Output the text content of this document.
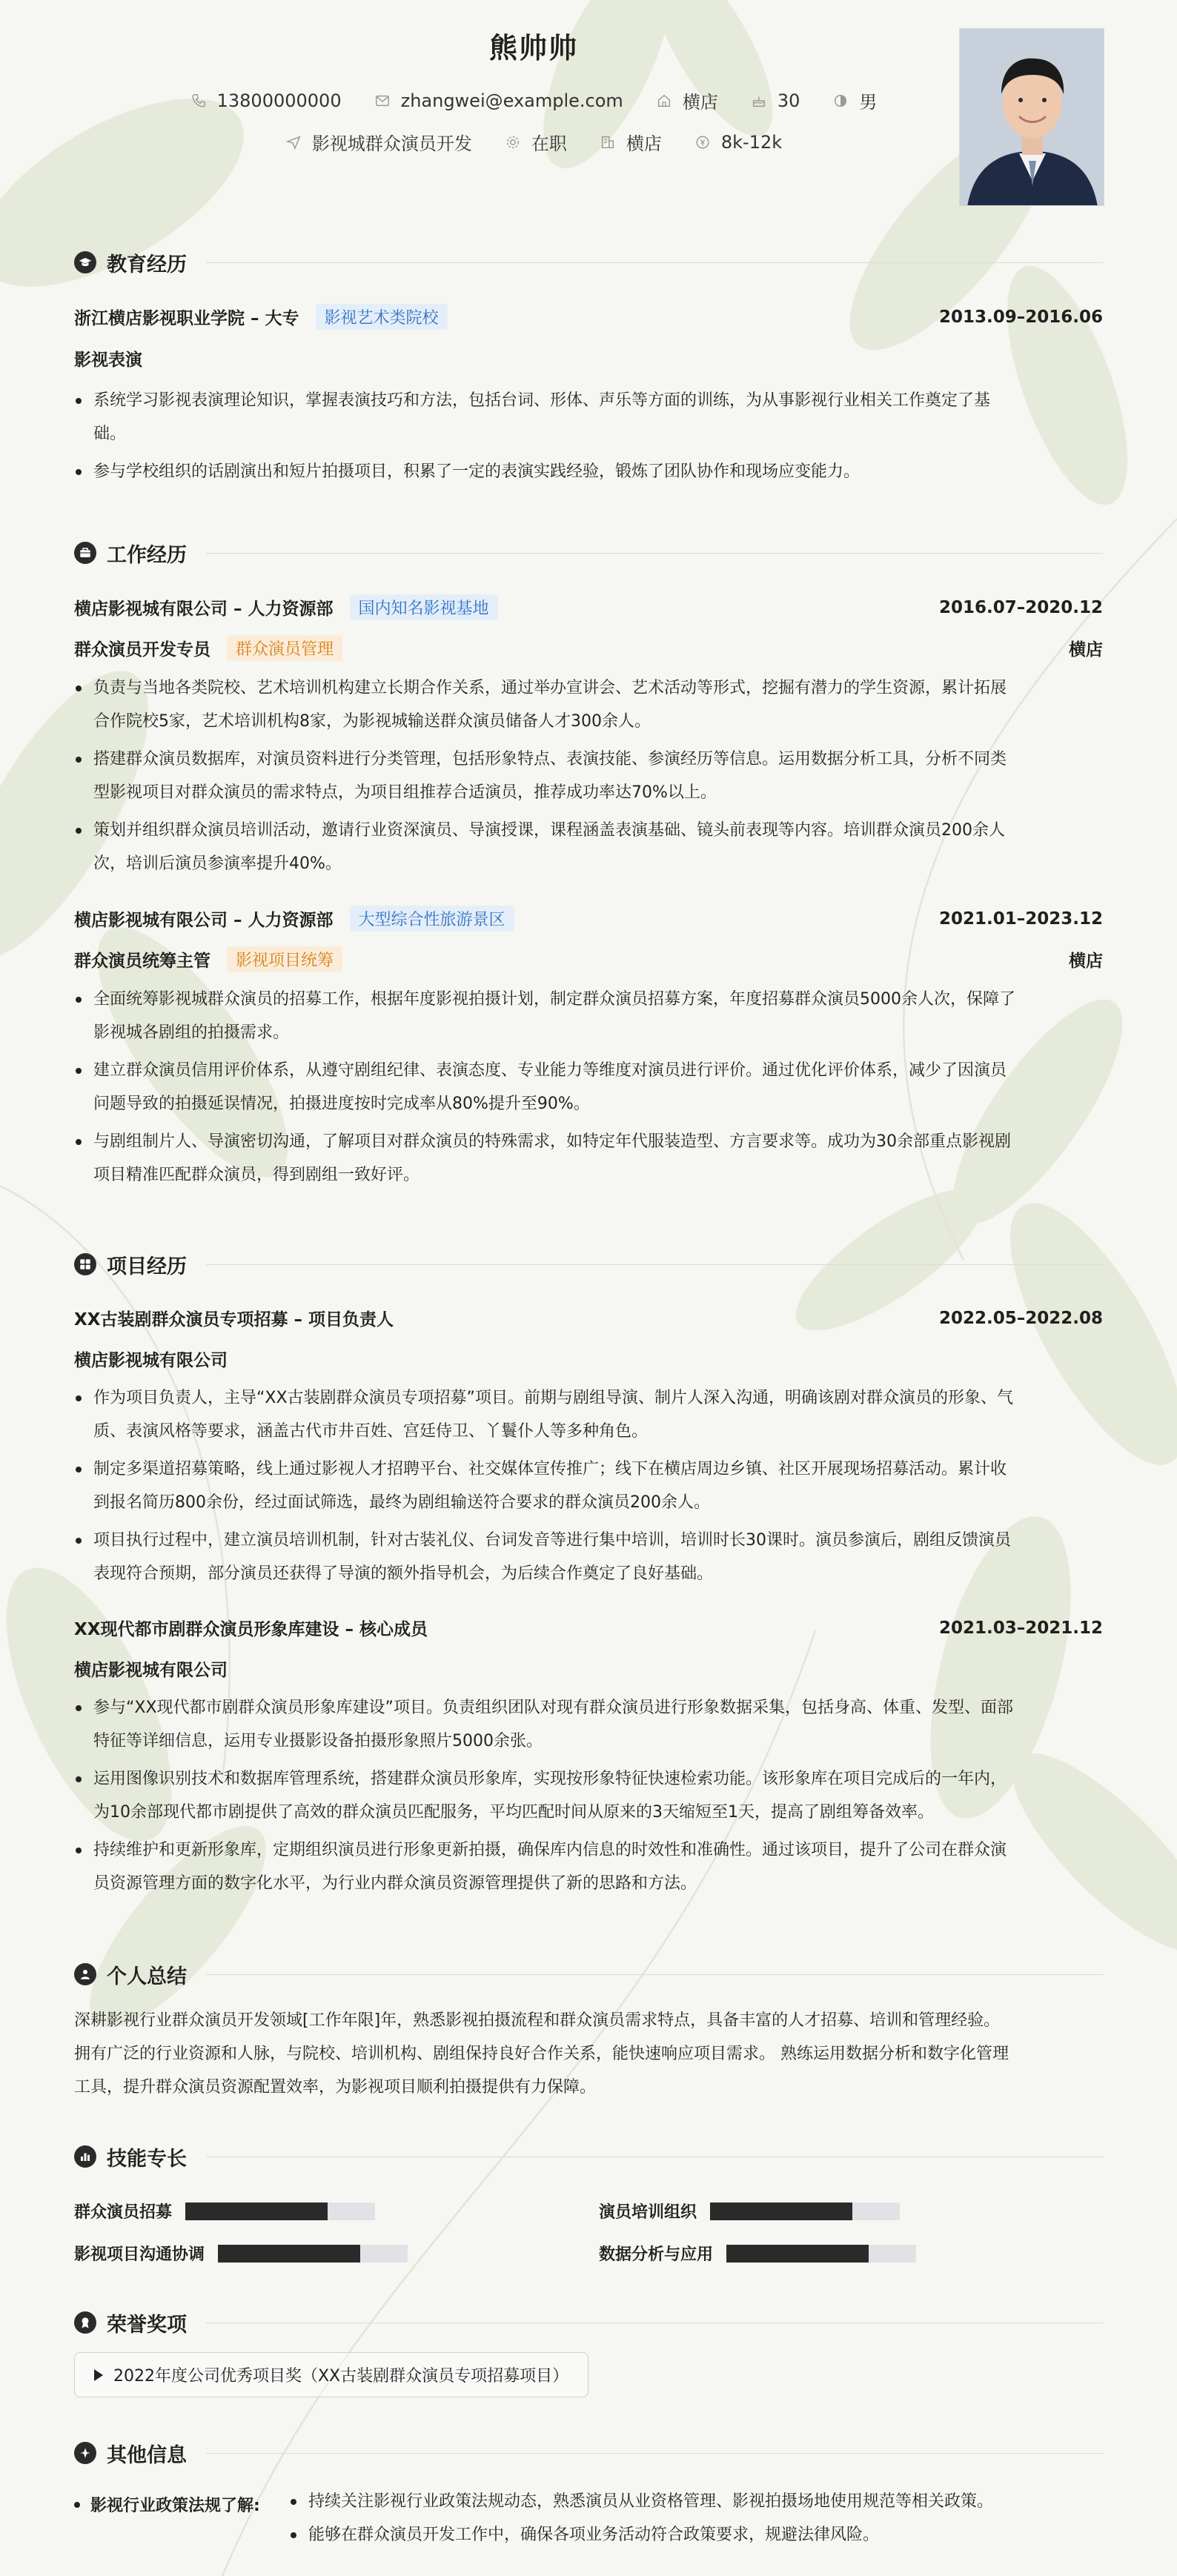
熊帅帅
13800000000	zhangwei@example.com	横店	30	男
影视城群众演员开发	在职	横店	8k-12k
教育经历
浙江横店影视职业学院 – 大专	影视艺术类院校	2013.09–2016.06
影视表演
系统学习影视表演理论知识，掌握表演技巧和方法，包括台词、形体、声乐等方面的训练，为从事影视行业相关工作奠定了基
础。
参与学校组织的话剧演出和短片拍摄项目，积累了一定的表演实践经验，锻炼了团队协作和现场应变能力。
工作经历
横店影视城有限公司 – 人力资源部	国内知名影视基地	2016.07–2020.12
群众演员开发专员	群众演员管理	横店
负责与当地各类院校、艺术培训机构建立长期合作关系，通过举办宣讲会、艺术活动等形式，挖掘有潜力的学生资源，累计拓展
合作院校5家，艺术培训机构8家，为影视城输送群众演员储备人才300余人。
搭建群众演员数据库，对演员资料进行分类管理，包括形象特点、表演技能、参演经历等信息。运用数据分析工具，分析不同类
型影视项目对群众演员的需求特点，为项目组推荐合适演员，推荐成功率达70%以上。
策划并组织群众演员培训活动，邀请行业资深演员、导演授课，课程涵盖表演基础、镜头前表现等内容。培训群众演员200余人
次，培训后演员参演率提升40%。
横店影视城有限公司 – 人力资源部	大型综合性旅游景区	2021.01–2023.12
群众演员统筹主管	影视项目统筹	横店
全面统筹影视城群众演员的招募工作，根据年度影视拍摄计划，制定群众演员招募方案，年度招募群众演员5000余人次，保障了
影视城各剧组的拍摄需求。
建立群众演员信用评价体系，从遵守剧组纪律、表演态度、专业能力等维度对演员进行评价。通过优化评价体系，减少了因演员
问题导致的拍摄延误情况，拍摄进度按时完成率从80%提升至90%。
与剧组制片人、导演密切沟通，了解项目对群众演员的特殊需求，如特定年代服装造型、方言要求等。成功为30余部重点影视剧
项目精准匹配群众演员，得到剧组一致好评。
项目经历
XX古装剧群众演员专项招募 – 项目负责人	2022.05–2022.08
横店影视城有限公司
作为项目负责人，主导“XX古装剧群众演员专项招募”项目。前期与剧组导演、制片人深入沟通，明确该剧对群众演员的形象、气
质、表演风格等要求，涵盖古代市井百姓、宫廷侍卫、丫鬟仆人等多种角色。
制定多渠道招募策略，线上通过影视人才招聘平台、社交媒体宣传推广；线下在横店周边乡镇、社区开展现场招募活动。累计收
到报名简历800余份，经过面试筛选，最终为剧组输送符合要求的群众演员200余人。
项目执行过程中，建立演员培训机制，针对古装礼仪、台词发音等进行集中培训，培训时长30课时。演员参演后，剧组反馈演员
表现符合预期，部分演员还获得了导演的额外指导机会，为后续合作奠定了良好基础。
XX现代都市剧群众演员形象库建设 – 核心成员	2021.03–2021.12
横店影视城有限公司
参与“XX现代都市剧群众演员形象库建设”项目。负责组织团队对现有群众演员进行形象数据采集，包括身高、体重、发型、面部
特征等详细信息，运用专业摄影设备拍摄形象照片5000余张。
运用图像识别技术和数据库管理系统，搭建群众演员形象库，实现按形象特征快速检索功能。该形象库在项目完成后的一年内，
为10余部现代都市剧提供了高效的群众演员匹配服务，平均匹配时间从原来的3天缩短至1天，提高了剧组筹备效率。
持续维护和更新形象库，定期组织演员进行形象更新拍摄，确保库内信息的时效性和准确性。通过该项目，提升了公司在群众演
员资源管理方面的数字化水平，为行业内群众演员资源管理提供了新的思路和方法。
个人总结
深耕影视行业群众演员开发领域[工作年限]年，熟悉影视拍摄流程和群众演员需求特点，具备丰富的人才招募、培训和管理经验。
拥有广泛的行业资源和人脉，与院校、培训机构、剧组保持良好合作关系，能快速响应项目需求。 熟练运用数据分析和数字化管理
工具，提升群众演员资源配置效率，为影视项目顺利拍摄提供有力保障。
技能专长
群众演员招募	演员培训组织
影视项目沟通协调	数据分析与应用
荣誉奖项
2022年度公司优秀项目奖（XX古装剧群众演员专项招募项目）
其他信息
影视行业政策法规了解:	持续关注影视行业政策法规动态，熟悉演员从业资格管理、影视拍摄场地使用规范等相关政策。
能够在群众演员开发工作中，确保各项业务活动符合政策要求，规避法律风险。
